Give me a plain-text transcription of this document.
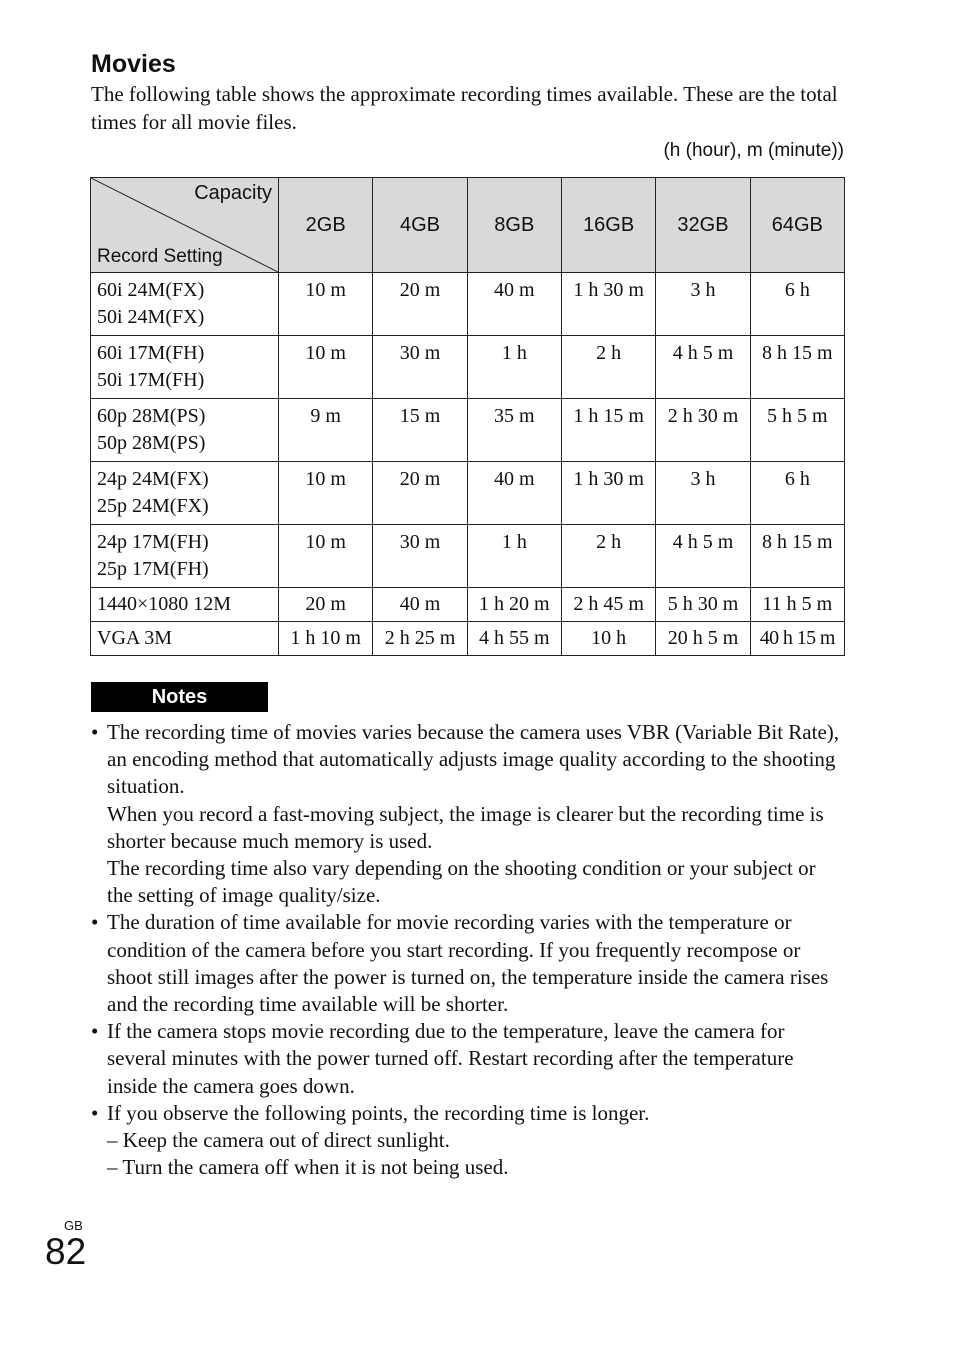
Movies
The following table shows the approximate recording times available. These are the total times for all movie files.
(h (hour), m (minute))
Capacity
Record Setting	2GB	4GB	8GB	16GB	32GB	64GB

60i 24M(FX)
50i 24M(FX)	10 m	20 m	40 m	1 h 30 m	3 h	6 h

60i 17M(FH)
50i 17M(FH)	10 m	30 m	1 h	2 h	4 h 5 m	8 h 15 m

60p 28M(PS)
50p 28M(PS)	9 m	15 m	35 m	1 h 15 m	2 h 30 m	5 h 5 m

24p 24M(FX)
25p 24M(FX)	10 m	20 m	40 m	1 h 30 m	3 h	6 h

24p 17M(FH)
25p 17M(FH)	10 m	30 m	1 h	2 h	4 h 5 m	8 h 15 m

1440×1080 12M	20 m	40 m	1 h 20 m	2 h 45 m	5 h 30 m	11 h 5 m

VGA 3M	1 h 10 m	2 h 25 m	4 h 55 m	10 h	20 h 5 m	40 h 15 m
Notes
• The recording time of movies varies because the camera uses VBR (Variable Bit Rate), an encoding method that automatically adjusts image quality according to the shooting situation.

When you record a fast-moving subject, the image is clearer but the recording time is shorter because much memory is used.

The recording time also vary depending on the shooting condition or your subject or the setting of image quality/size.

• The duration of time available for movie recording varies with the temperature or condition of the camera before you start recording. If you frequently recompose or shoot still images after the power is turned on, the temperature inside the camera rises and the recording time available will be shorter.

• If the camera stops movie recording due to the temperature, leave the camera for several minutes with the power turned off. Restart recording after the temperature inside the camera goes down.

• If you observe the following points, the recording time is longer.

– Keep the camera out of direct sunlight.

– Turn the camera off when it is not being used.

GB
82
